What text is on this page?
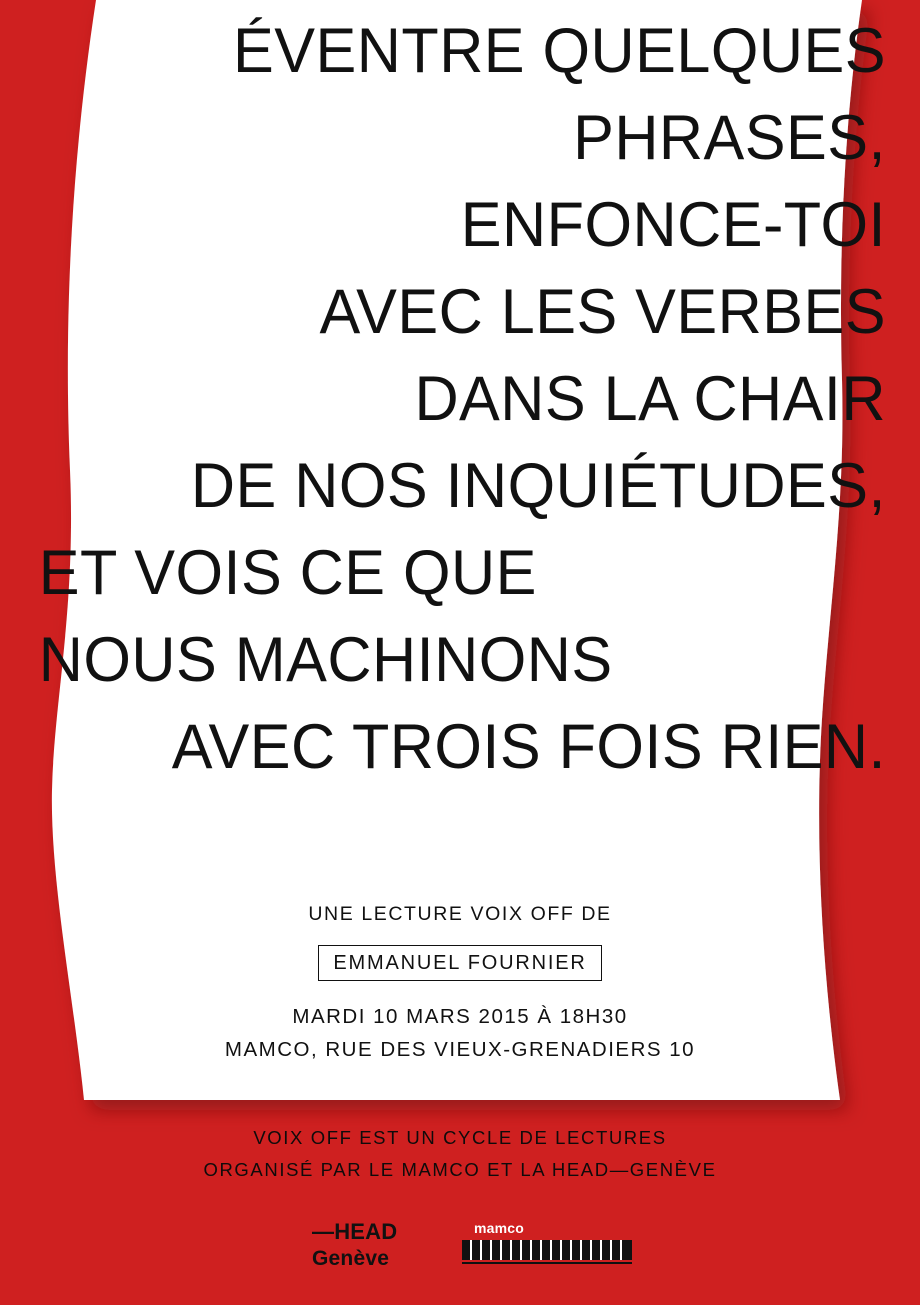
ÉVENTRE QUELQUES
PHRASES,
ENFONCE-TOI
AVEC LES VERBES
DANS LA CHAIR
DE NOS INQUIÉTUDES,
ET VOIS CE QUE
NOUS MACHINONS
AVEC TROIS FOIS RIEN.
UNE LECTURE VOIX OFF DE
EMMANUEL FOURNIER
MARDI 10 MARS 2015 À 18H30
MAMCO, RUE DES VIEUX-GRENADIERS 10
VOIX OFF EST UN CYCLE DE LECTURES
ORGANISÉ PAR LE MAMCO ET LA HEAD—GENÈVE
—HEAD
Genève
mamco
